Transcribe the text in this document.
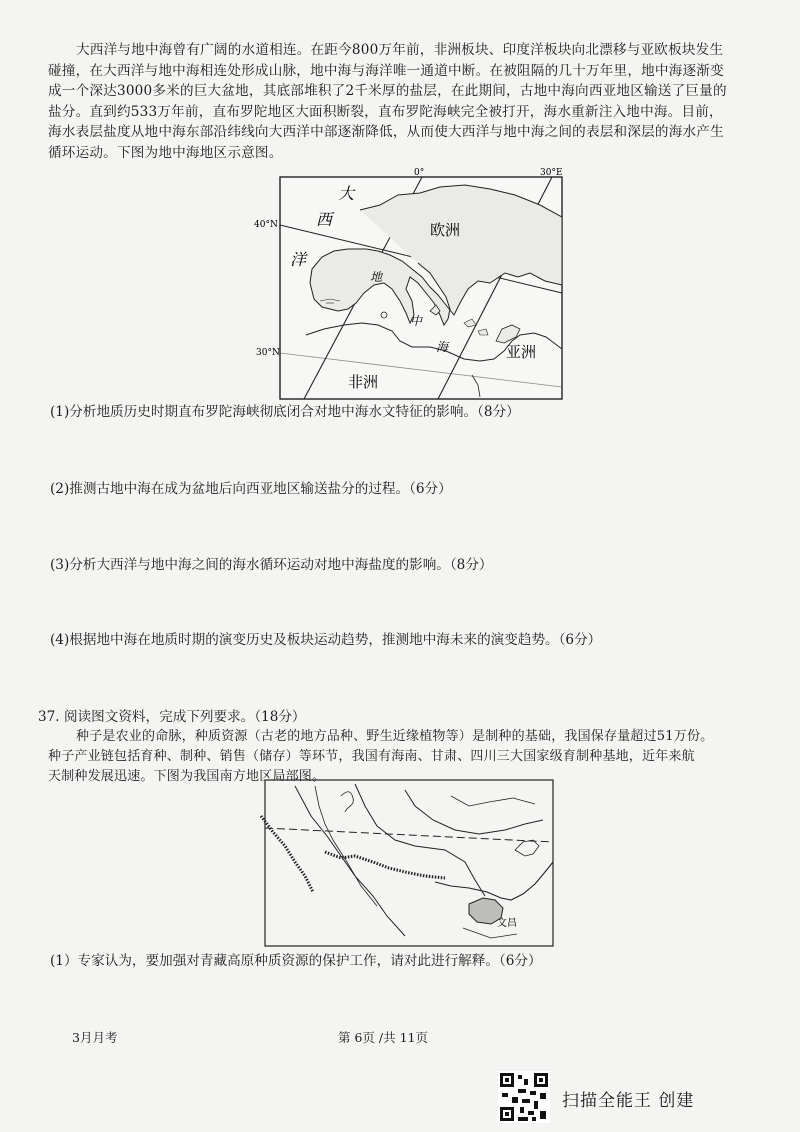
大西洋与地中海曾有广阔的水道相连。在距今800万年前，非洲板块、印度洋板块向北漂移与亚欧板块发生
碰撞，在大西洋与地中海相连处形成山脉，地中海与海洋唯一通道中断。在被阻隔的几十万年里，地中海逐渐变
成一个深达3000多米的巨大盆地，其底部堆积了2千米厚的盐层，在此期间，古地中海向西亚地区输送了巨量的
盐分。直到约533万年前，直布罗陀地区大面积断裂，直布罗陀海峡完全被打开，海水重新注入地中海。目前，
海水表层盐度从地中海东部沿纬线向大西洋中部逐渐降低，从而使大西洋与地中海之间的表层和深层的海水产生
循环运动。下图为地中海地区示意图。
0°	30°E
40°N
30°N
大
西
洋
欧洲
亚洲
非洲
地
中
海
(1)分析地质历史时期直布罗陀海峡彻底闭合对地中海水文特征的影响。（8分）
(2)推测古地中海在成为盆地后向西亚地区输送盐分的过程。（6分）
(3)分析大西洋与地中海之间的海水循环运动对地中海盐度的影响。（8分）
(4)根据地中海在地质时期的演变历史及板块运动趋势，推测地中海未来的演变趋势。（6分）
37. 阅读图文资料，完成下列要求。（18分）
种子是农业的命脉，种质资源（古老的地方品种、野生近缘植物等）是制种的基础，我国保存量超过51万份。
种子产业链包括育种、制种、销售（储存）等环节，我国有海南、甘肃、四川三大国家级育制种基地，近年来航
天制种发展迅速。下图为我国南方地区局部图。
文昌
(1）专家认为，要加强对青藏高原种质资源的保护工作，请对此进行解释。（6分）
3月月考	第 6页 /共 11页
扫描全能王 创建
